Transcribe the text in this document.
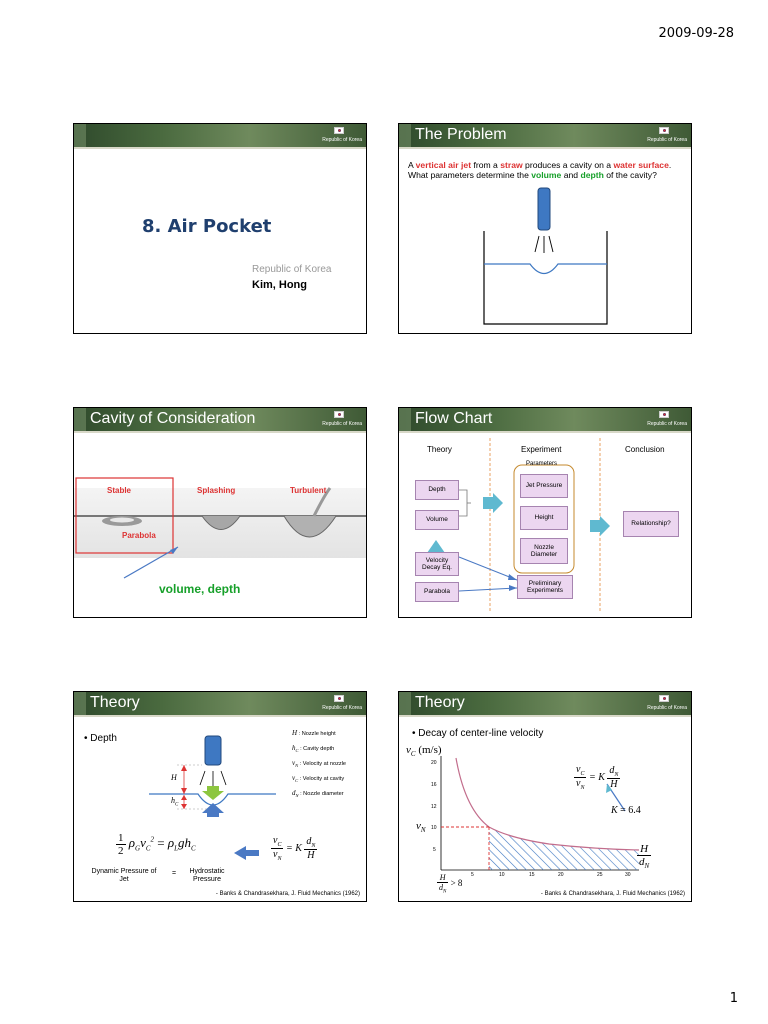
2009-09-28
Republic of Korea
8. Air Pocket
Republic of Korea
Kim, Hong
The Problem	Republic of Korea
A vertical air jet from a straw produces a cavity on a water surface. What parameters determine the volume and depth of the cavity?
Cavity of Consideration	Republic of Korea
Stable	Splashing	Turbulent
Parabola
volume, depth
Flow Chart	Republic of Korea
Theory	Experiment	Conclusion
Parameters
Depth
Volume
Velocity Decay Eq.
Parabola
Jet Pressure
Height
Nozzle Diameter
Preliminary Experiments
Relationship?
Theory	Republic of Korea
• Depth
H
$h_C$
H : Nozzle height
$h_C$ : Cavity depth
$v_N$ : Velocity at nozzle
$v_C$ : Velocity at cavity
$d_N$ : Nozzle diameter
$\frac{1}{2} \rho_Gv_C^2 = \rho_Lgh_C$	$\frac{v_C}{v_N} = K \frac{d_N}{H}$
Dynamic Pressure of Jet
=	Hydrostatic Pressure
- Banks & Chandrasekhara, J. Fluid Mechanics (1962)
Theory	Republic of Korea
• Decay of center-line velocity
$v_C$ (m/s)
20
16
12
10
5
5	10	15	20	25	30
$v_N$
$\frac{v_C}{v_N} = K \frac{d_N}{H}$
K = 6.4
$\frac{H}{d_N}$
$\frac{H}{d_N} > 8$
- Banks & Chandrasekhara, J. Fluid Mechanics (1962)
1
